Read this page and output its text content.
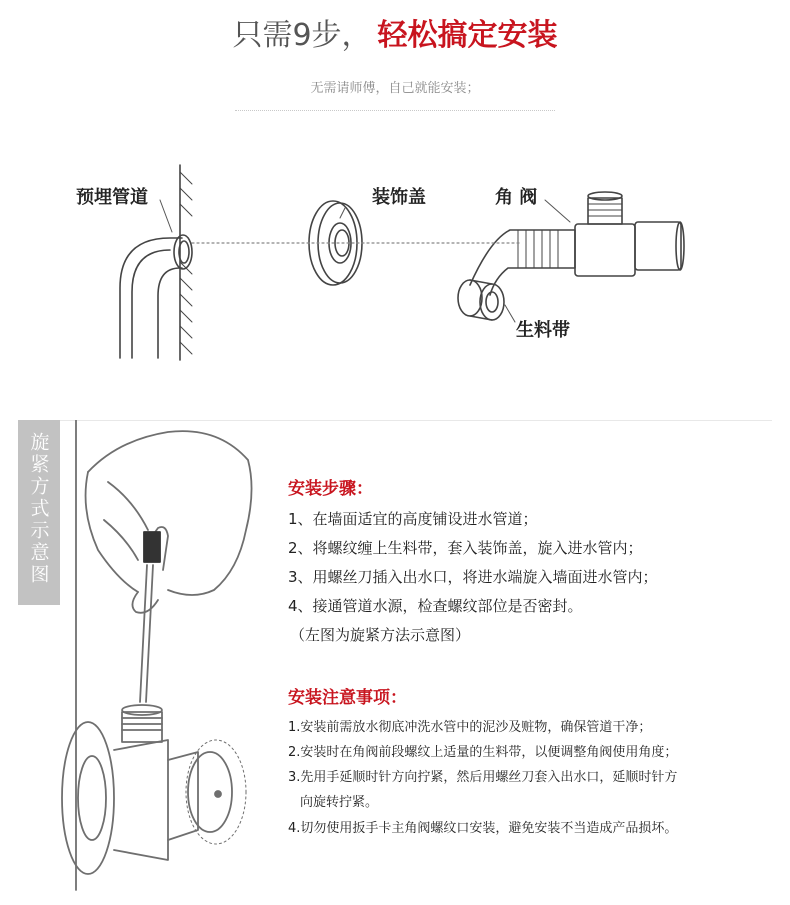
只需9步， 轻松搞定安装
无需请师傅，自己就能安装；
预埋管道	装饰盖	角 阀
生料带
旋紧方式示意图	安装步骤：
1、在墙面适宜的高度铺设进水管道；
2、将螺纹缠上生料带，套入装饰盖，旋入进水管内；
3、用螺丝刀插入出水口，将进水端旋入墙面进水管内；
4、接通管道水源，检查螺纹部位是否密封。
（左图为旋紧方法示意图）
安装注意事项：
1.安装前需放水彻底冲洗水管中的泥沙及赃物，确保管道干净；
2.安装时在角阀前段螺纹上适量的生料带，以便调整角阀使用角度；
3.先用手延顺时针方向拧紧，然后用螺丝刀套入出水口，延顺时针方
向旋转拧紧。
4.切勿使用扳手卡主角阀螺纹口安装，避免安装不当造成产品损坏。
